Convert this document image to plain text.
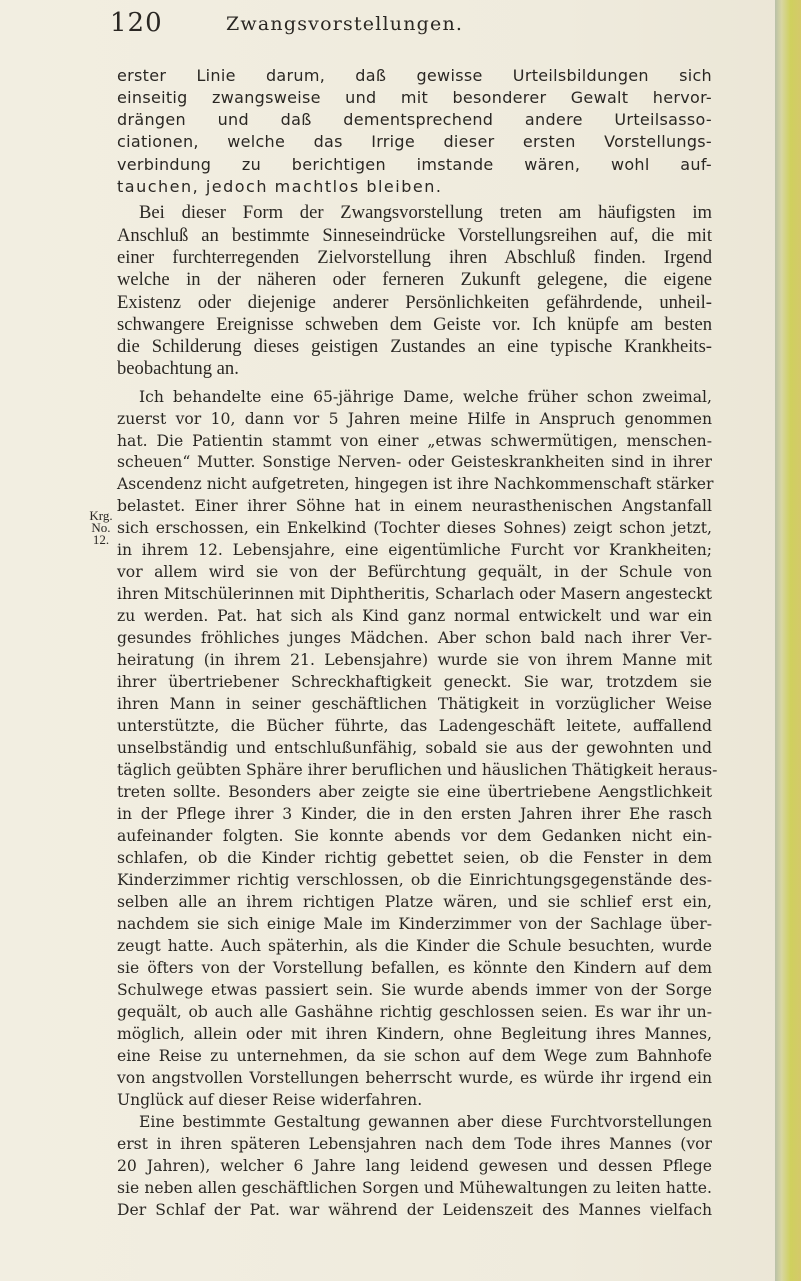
120	Zwangsvorstellungen.
Krg.
No. 12.
erster Linie darum, daß gewisse Urteilsbildungen sich
einseitig zwangsweise und mit besonderer Gewalt hervor-
drängen und daß dementsprechend andere Urteilsasso-
ciationen, welche das Irrige dieser ersten Vorstellungs-
verbindung zu berichtigen imstande wären, wohl auf-
tauchen, jedoch machtlos bleiben.
Bei dieser Form der Zwangsvorstellung treten am häufigsten im
Anschluß an bestimmte Sinneseindrücke Vorstellungsreihen auf, die mit
einer furchterregenden Zielvorstellung ihren Abschluß finden. Irgend
welche in der näheren oder ferneren Zukunft gelegene, die eigene
Existenz oder diejenige anderer Persönlichkeiten gefährdende, unheil-
schwangere Ereignisse schweben dem Geiste vor. Ich knüpfe am besten
die Schilderung dieses geistigen Zustandes an eine typische Krankheits-
beobachtung an.
Ich behandelte eine 65-jährige Dame, welche früher schon zweimal,
zuerst vor 10, dann vor 5 Jahren meine Hilfe in Anspruch genommen
hat. Die Patientin stammt von einer „etwas schwermütigen, menschen-
scheuen“ Mutter. Sonstige Nerven- oder Geisteskrankheiten sind in ihrer
Ascendenz nicht aufgetreten, hingegen ist ihre Nachkommenschaft stärker
belastet. Einer ihrer Söhne hat in einem neurasthenischen Angstanfall
sich erschossen, ein Enkelkind (Tochter dieses Sohnes) zeigt schon jetzt,
in ihrem 12. Lebensjahre, eine eigentümliche Furcht vor Krankheiten;
vor allem wird sie von der Befürchtung gequält, in der Schule von
ihren Mitschülerinnen mit Diphtheritis, Scharlach oder Masern angesteckt
zu werden. Pat. hat sich als Kind ganz normal entwickelt und war ein
gesundes fröhliches junges Mädchen. Aber schon bald nach ihrer Ver-
heiratung (in ihrem 21. Lebensjahre) wurde sie von ihrem Manne mit
ihrer übertriebener Schreckhaftigkeit geneckt. Sie war, trotzdem sie
ihren Mann in seiner geschäftlichen Thätigkeit in vorzüglicher Weise
unterstützte, die Bücher führte, das Ladengeschäft leitete, auffallend
unselbständig und entschlußunfähig, sobald sie aus der gewohnten und
täglich geübten Sphäre ihrer beruflichen und häuslichen Thätigkeit heraus-
treten sollte. Besonders aber zeigte sie eine übertriebene Aengstlichkeit
in der Pflege ihrer 3 Kinder, die in den ersten Jahren ihrer Ehe rasch
aufeinander folgten. Sie konnte abends vor dem Gedanken nicht ein-
schlafen, ob die Kinder richtig gebettet seien, ob die Fenster in dem
Kinderzimmer richtig verschlossen, ob die Einrichtungsgegenstände des-
selben alle an ihrem richtigen Platze wären, und sie schlief erst ein,
nachdem sie sich einige Male im Kinderzimmer von der Sachlage über-
zeugt hatte. Auch späterhin, als die Kinder die Schule besuchten, wurde
sie öfters von der Vorstellung befallen, es könnte den Kindern auf dem
Schulwege etwas passiert sein. Sie wurde abends immer von der Sorge
gequält, ob auch alle Gashähne richtig geschlossen seien. Es war ihr un-
möglich, allein oder mit ihren Kindern, ohne Begleitung ihres Mannes,
eine Reise zu unternehmen, da sie schon auf dem Wege zum Bahnhofe
von angstvollen Vorstellungen beherrscht wurde, es würde ihr irgend ein
Unglück auf dieser Reise widerfahren.
Eine bestimmte Gestaltung gewannen aber diese Furchtvorstellungen
erst in ihren späteren Lebensjahren nach dem Tode ihres Mannes (vor
20 Jahren), welcher 6 Jahre lang leidend gewesen und dessen Pflege
sie neben allen geschäftlichen Sorgen und Mühewaltungen zu leiten hatte.
Der Schlaf der Pat. war während der Leidenszeit des Mannes vielfach
